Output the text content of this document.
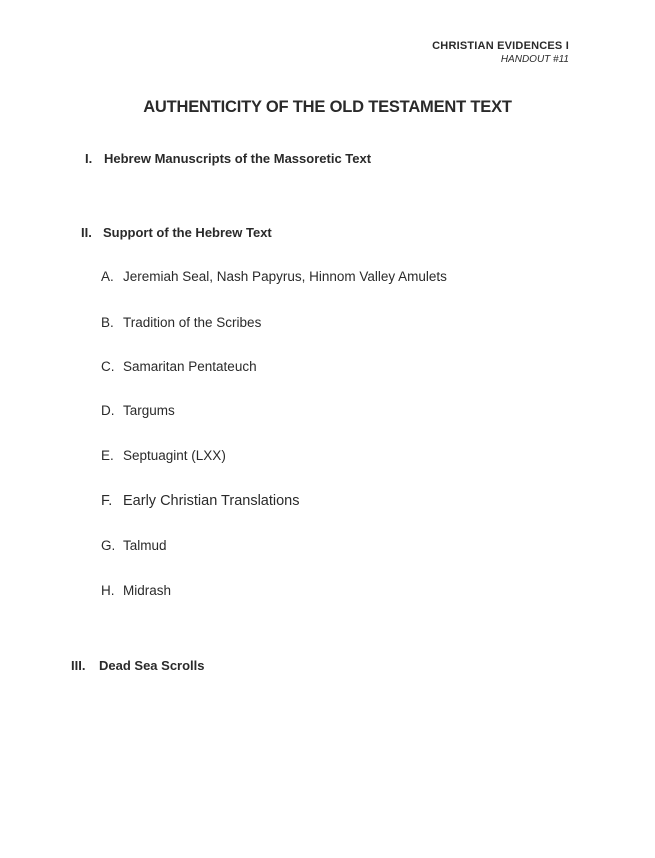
CHRISTIAN EVIDENCES I
HANDOUT #11
AUTHENTICITY OF THE OLD TESTAMENT TEXT
I. Hebrew Manuscripts of the Massoretic Text
II. Support of the Hebrew Text
A. Jeremiah Seal, Nash Papyrus, Hinnom Valley Amulets
B. Tradition of the Scribes
C. Samaritan Pentateuch
D. Targums
E. Septuagint (LXX)
F. Early Christian Translations
G. Talmud
H. Midrash
III. Dead Sea Scrolls
